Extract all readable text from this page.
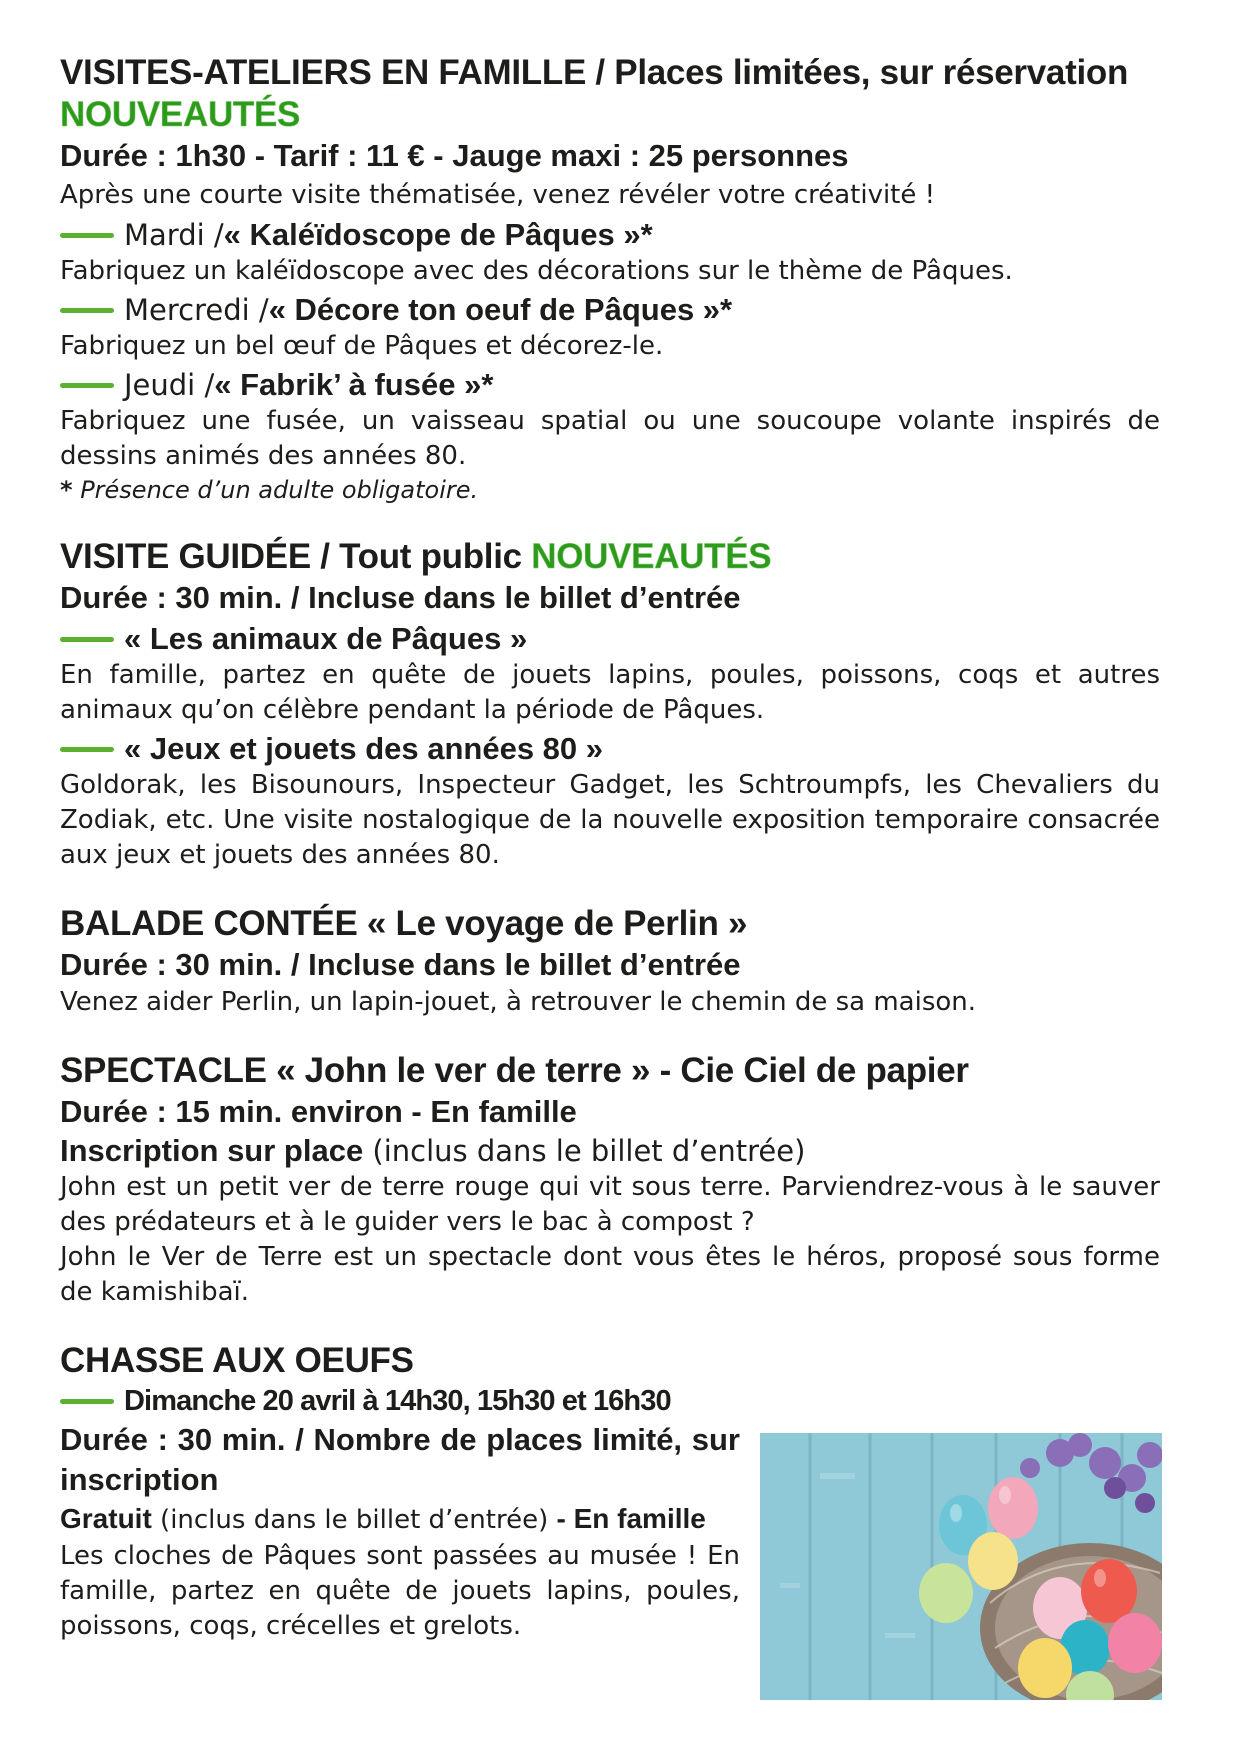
VISITES-ATELIERS EN FAMILLE / Places limitées, sur réservation

NOUVEAUTÉS

Durée : 1h30 - Tarif : 11 € - Jauge maxi : 25 personnes

Après une courte visite thématisée, venez révéler votre créativité !

Mardi / « Kaléïdoscope de Pâques »*

Fabriquez un kaléïdoscope avec des décorations sur le thème de Pâques.

Mercredi / « Décore ton oeuf de Pâques »*

Fabriquez un bel œuf de Pâques et décorez-le.

Jeudi / « Fabrik’ à fusée »*

Fabriquez une fusée, un vaisseau spatial ou une soucoupe volante inspirés de dessins animés des années 80.

* Présence d’un adulte obligatoire.

VISITE GUIDÉE / Tout public NOUVEAUTÉS

Durée : 30 min. / Incluse dans le billet d’entrée

« Les animaux de Pâques »

En famille, partez en quête de jouets lapins, poules, poissons, coqs et autres animaux qu’on célèbre pendant la période de Pâques.

« Jeux et jouets des années 80 »

Goldorak, les Bisounours, Inspecteur Gadget, les Schtroumpfs, les Chevaliers du Zodiak, etc. Une visite nostalogique de la nouvelle exposition temporaire consacrée aux jeux et jouets des années 80.

BALADE CONTÉE « Le voyage de Perlin »

Durée : 30 min. / Incluse dans le billet d’entrée

Venez aider Perlin, un lapin-jouet, à retrouver le chemin de sa maison.

SPECTACLE « John le ver de terre » - Cie Ciel de papier

Durée : 15 min. environ - En famille

Inscription sur place (inclus dans le billet d’entrée)

John est un petit ver de terre rouge qui vit sous terre. Parviendrez-vous à le sauver des prédateurs et à le guider vers le bac à compost ?

John le Ver de Terre est un spectacle dont vous êtes le héros, proposé sous forme de kamishibaï.

CHASSE AUX OEUFS

Dimanche 20 avril à 14h30, 15h30 et 16h30

Durée : 30 min. / Nombre de places limité, sur inscription

Gratuit (inclus dans le billet d’entrée) - En famille

Les cloches de Pâques sont passées au musée ! En famille, partez en quête de jouets lapins, poules, poissons, coqs, crécelles et grelots.
